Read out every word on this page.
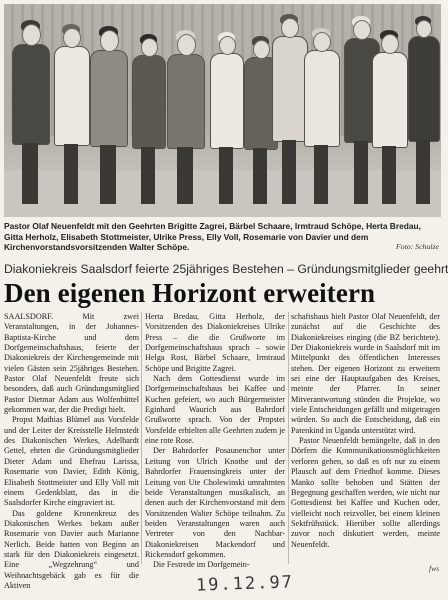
Pastor Olaf Neuenfeldt mit den Geehrten Brigitte Zagrei, Bärbel Schaare, Irmtraud Schöpe, Herta Bredau, Gitta Herholz, Elisabeth Stottmeister, Ulrike Press, Elly Voll, Rosemarie von Davier und dem Kirchenvorstandsvorsitzenden Walter Schöpe.	Foto: Schulze
Diakoniekreis Saalsdorf feierte 25jähriges Bestehen – Gründungsmitglieder geehrt
Den eigenen Horizont erweitern

SAALSDORF. Mit zwei Veranstaltungen, in der Johannes-Baptista-Kirche und dem Dorfgemeinschaftshaus, feierte der Diakoniekreis der Kirchengemeinde mit vielen Gästen sein 25jähriges Bestehen. Pastor Olaf Neuenfeldt freute sich besonders, daß auch Gründungsmitglied Pastor Dietmar Adam aus Wolfenbüttel gekommen war, der die Predigt hielt.

Propst Mathias Blümel aus Vorsfelde und der Leiter der Kreisstelle Helmstedt des Diakonischen Werkes, Adelhardt Gettel, ehrten die Gründungsmitglieder Dieter Adam und Ehefrau Larissa, Rosemarie von Davier, Edith König, Elisabeth Stottmeister und Elly Voll mit einem Gedenkblatt, das in die Saalsdorfer Kirche eingraviert ist.

Das goldene Kronenkreuz des Diakonischen Werkes bekam außer Rosemarie von Davier auch Marianne Nerlich. Beide hatten von Beginn an stark für den Diakoniekreis eingesetzt. Eine „Wegzehrung“ und Weihnachtsgebäck gab es für die Aktiven

Herta Bredau, Gitta Herholz, der Vorsitzenden des Diakoniekreises Ulrike Press – die die Grußworte im Dorfgemeinschaftshaus sprach – sowie Helga Rost, Bärbel Schaare, Irmtraud Schöpe und Brigitte Zagrei.

Nach dem Gottesdienst wurde im Dorfgemeinschaftshaus bei Kaffee und Kuchen gefeiert, wo auch Bürgermeister Eginhard Waurich aus Bahrdorf Grußworte sprach. Von der Propstei Vorsfelde erhielten alle Geehrten zudem je eine rote Rose.

Der Bahrdorfer Posaunenchor unter Leitung von Ulrich Knothe und der Bahrdorfer Frauensingkreis unter der Leitung von Ute Cholewinski umrahmten beide Veranstaltungen musikalisch, an denen auch der Kirchenvorstand mit dem Vorsitzenden Walter Schöpe teilnahm. Zu beiden Veranstaltungen waren auch Vertreter von den Nachbar-Diakoniekreisen Mackendorf und Rickensdorf gekommen.

Die Festrede im Dorfgemein-

schaftshaus hielt Pastor Olaf Neuenfeldt, der zunächst auf die Geschichte des Diakoniekreises einging (die BZ berichtete). Der Diakoniekreis wurde in Saalsdorf mit im Mittelpunkt des öffentlichen Interesses stehen. Der eigenen Horizont zu erweitern sei eine der Hauptaufgaben des Kreises, meinte der Pfarrer. In seiner Mitverantwortung stünden die Projekte, wo viele Entscheidungen gefällt und mitgetragen würden. So auch die Entscheidung, daß ein Patenkind in Uganda unterstützt wird.

Pastor Neuenfeldt bemängelte, daß in den Dörfern die Kommunikationsmöglichkeiten verloren gehen, so daß es oft nur zu einem Plausch auf dem Friedhof komme. Dieses Manko sollte behoben und Stätten der Begegnung geschaffen werden, wie nicht nur Gottesdienst bei Kaffee und Kuchen oder, vielleicht noch reizvoller, bei einem kleinen Sektfrühstück. Hierüber sollte allerdings zuvor noch diskutiert werden, meinte Neuenfeldt.

fws
19.12.97
